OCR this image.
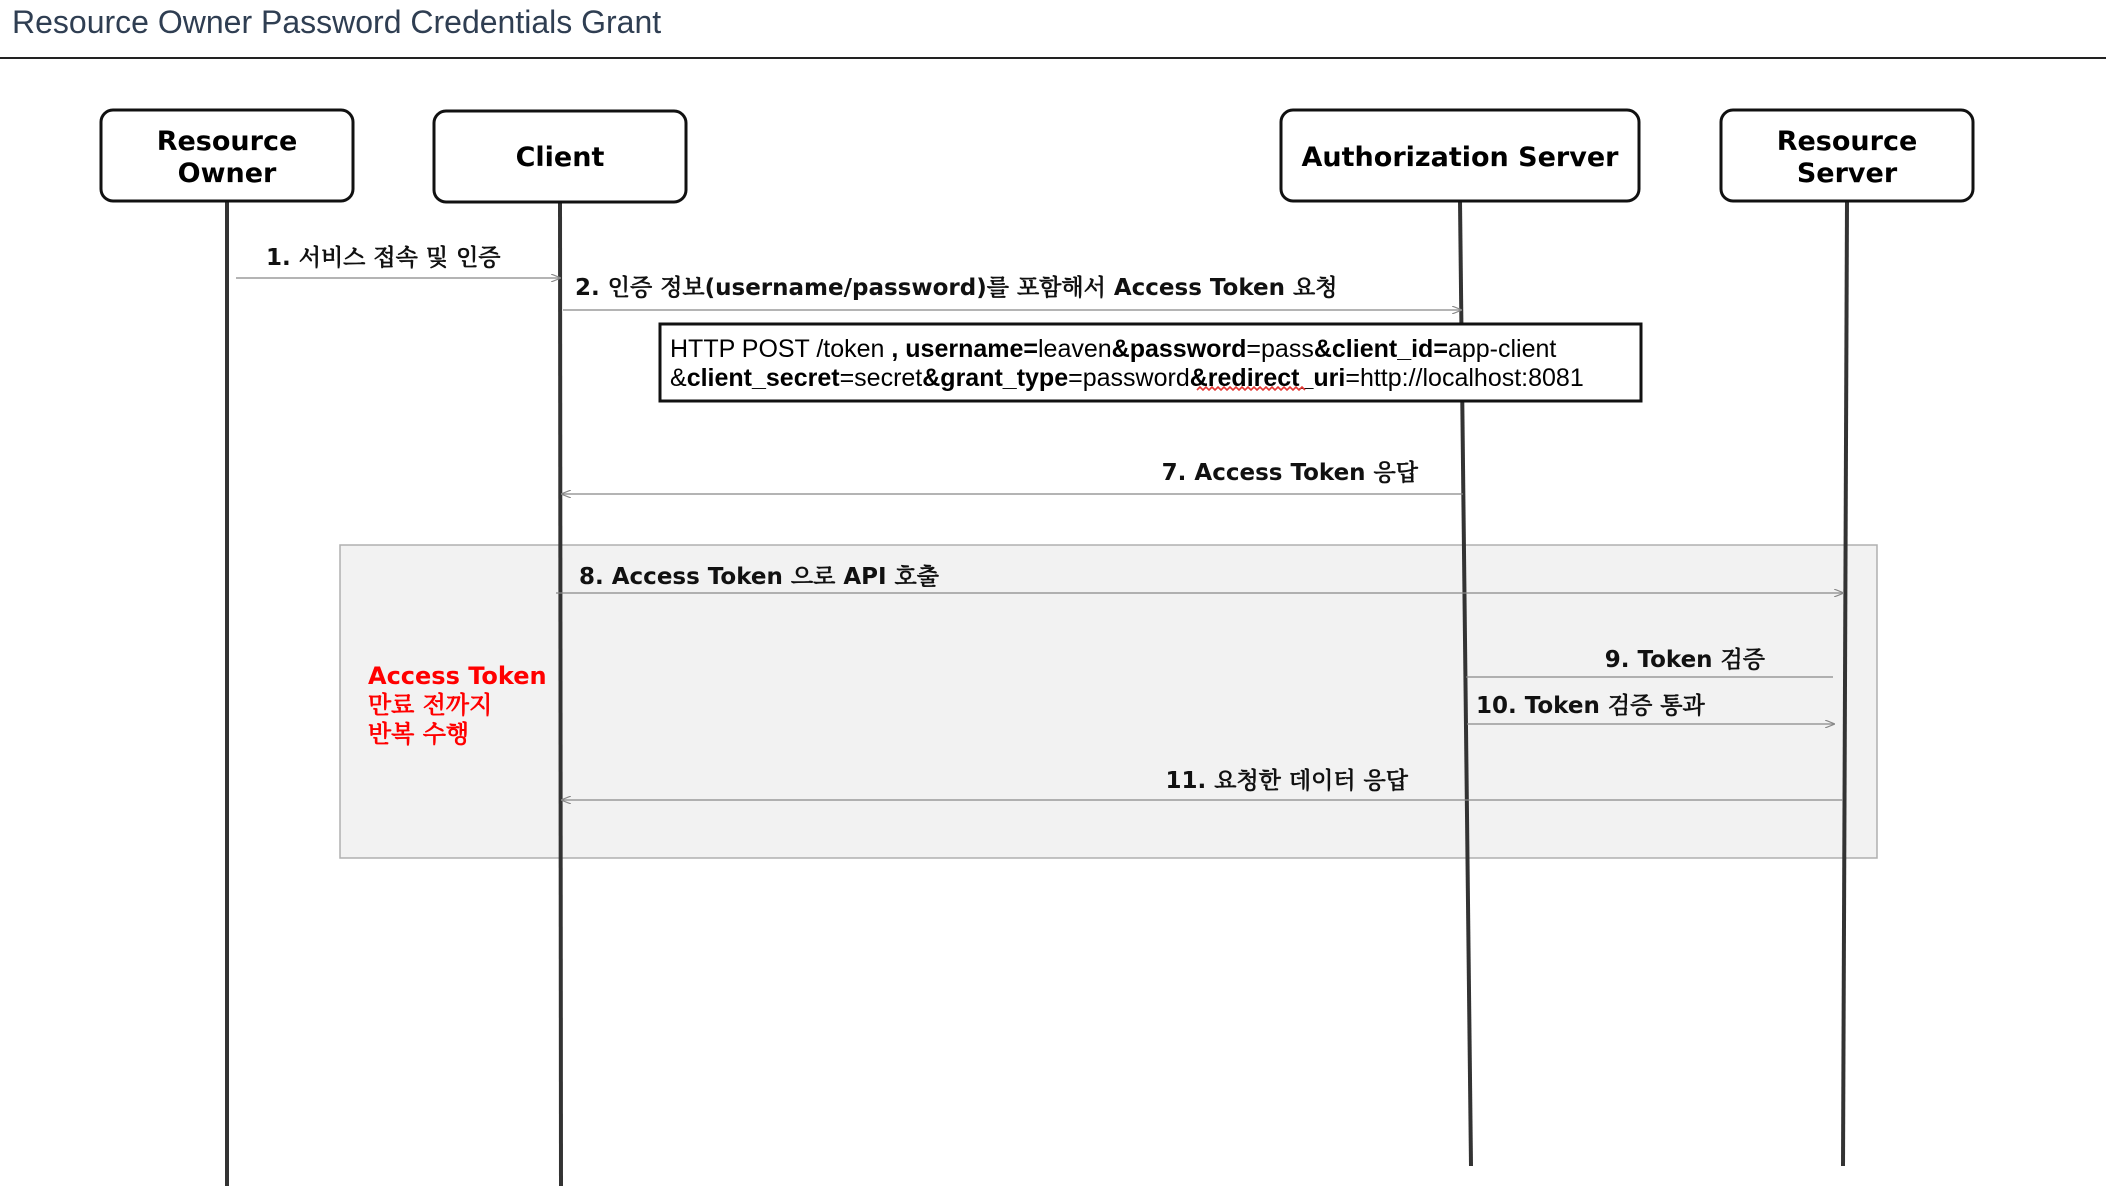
Resource Owner Password Credentials Grant
Resource
Owner
Client	Authorization Server
Resource
Server
1. 서비스 접속 및 인증
2. 인증 정보(username/password)를 포함해서 Access Token 요청
HTTP POST /token , username=leaven&password=pass&client_id=app-client
&client_secret=secret&grant_type=password&redirect_uri=http://localhost:8081
7. Access Token 응답
8. Access Token 으로 API 호출
9. Token 검증
10. Token 검증 통과
11. 요청한 데이터 응답
Access Token
만료 전까지
반복 수행
